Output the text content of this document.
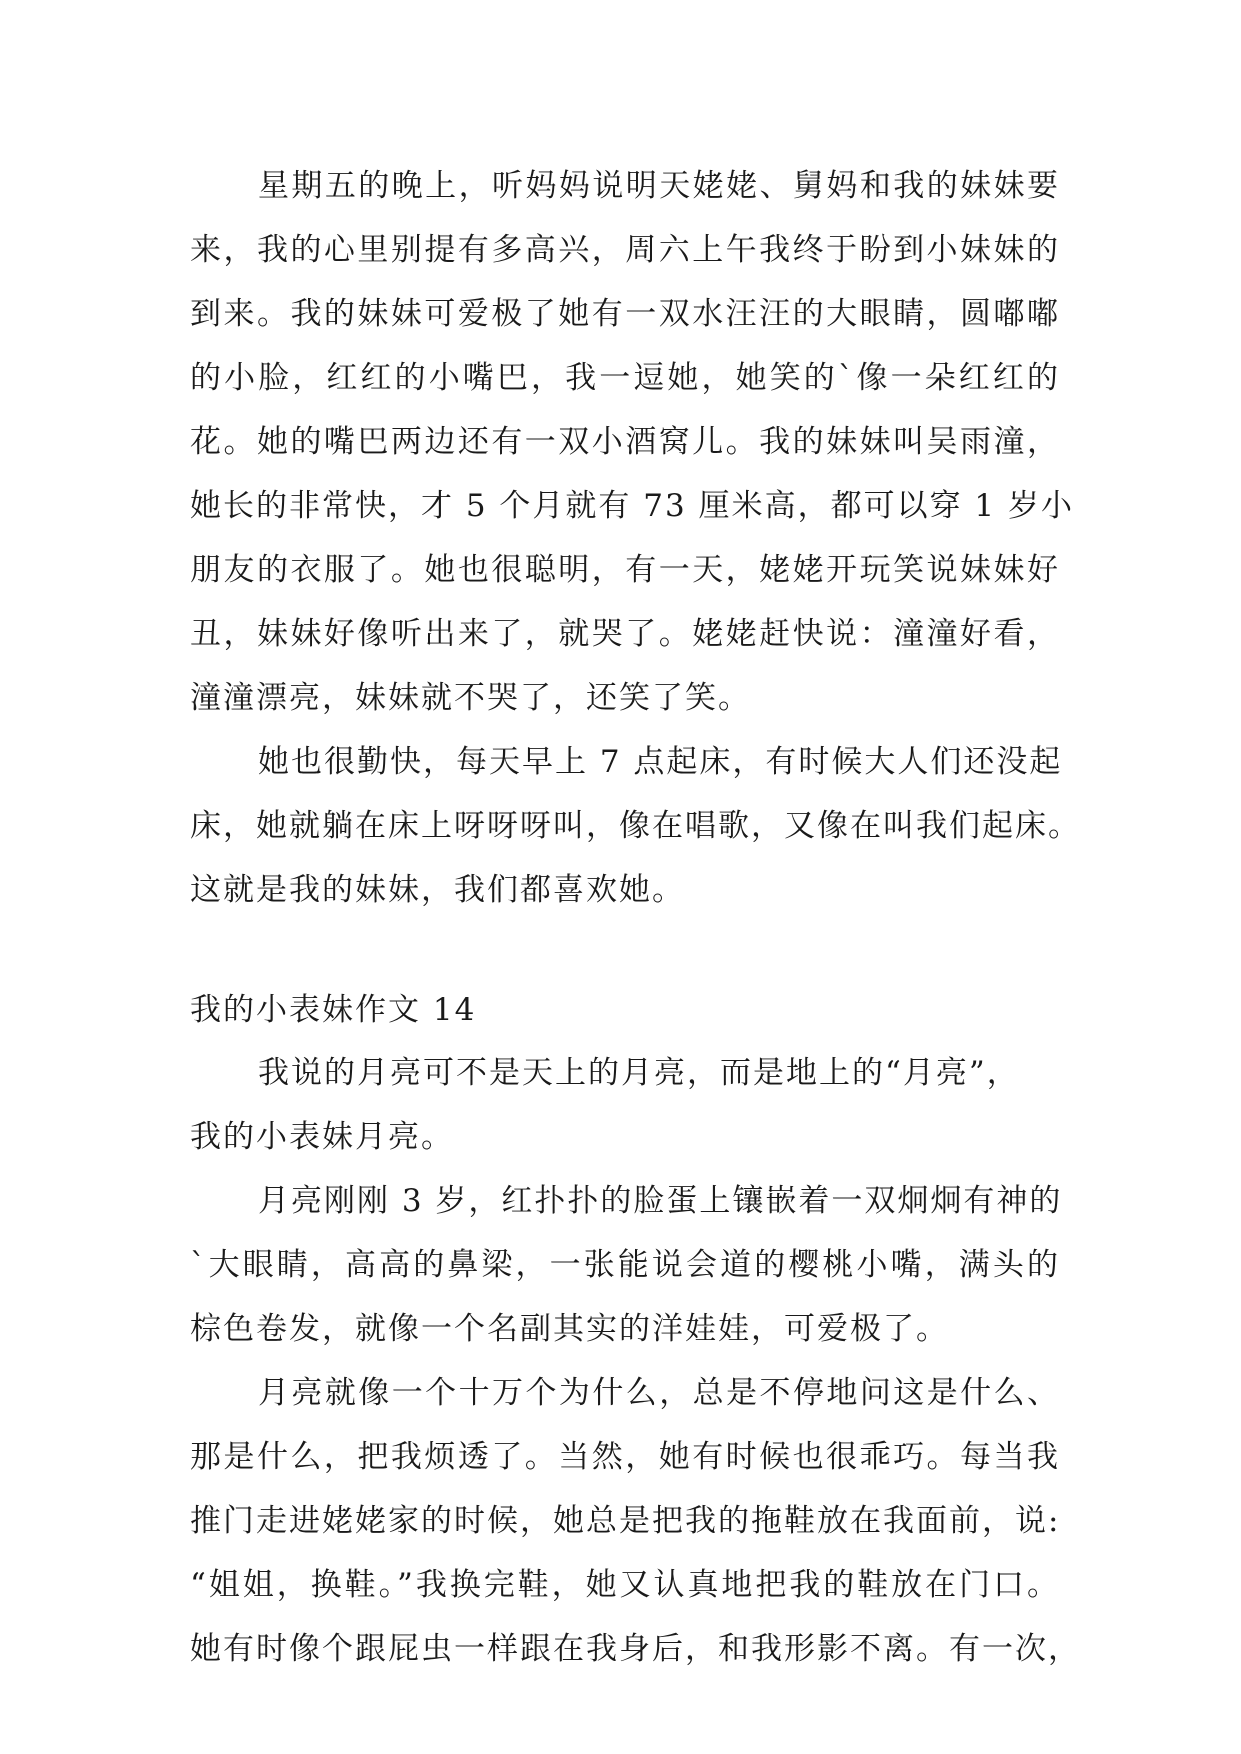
星期五的晚上，听妈妈说明天姥姥、舅妈和我的妹妹要
来，我的心里别提有多高兴，周六上午我终于盼到小妹妹的
到来。我的妹妹可爱极了她有一双水汪汪的大眼睛，圆嘟嘟
的小脸，红红的小嘴巴，我一逗她，她笑的`像一朵红红的
花。她的嘴巴两边还有一双小酒窝儿。我的妹妹叫吴雨潼，
她长的非常快，才 5 个月就有 73 厘米高，都可以穿 1 岁小
朋友的衣服了。她也很聪明，有一天，姥姥开玩笑说妹妹好
丑，妹妹好像听出来了，就哭了。姥姥赶快说：潼潼好看，
潼潼漂亮，妹妹就不哭了，还笑了笑。
她也很勤快，每天早上 7 点起床，有时候大人们还没起
床，她就躺在床上呀呀呀叫，像在唱歌，又像在叫我们起床。
这就是我的妹妹，我们都喜欢她。
我的小表妹作文 14
我说的月亮可不是天上的月亮，而是地上的“月亮”，
我的小表妹月亮。
月亮刚刚 3 岁，红扑扑的脸蛋上镶嵌着一双炯炯有神的
`大眼睛，高高的鼻梁，一张能说会道的樱桃小嘴，满头的
棕色卷发，就像一个名副其实的洋娃娃，可爱极了。
月亮就像一个十万个为什么，总是不停地问这是什么、
那是什么，把我烦透了。当然，她有时候也很乖巧。每当我
推门走进姥姥家的时候，她总是把我的拖鞋放在我面前，说:
“姐姐，换鞋。”我换完鞋，她又认真地把我的鞋放在门口。
她有时像个跟屁虫一样跟在我身后，和我形影不离。有一次，
